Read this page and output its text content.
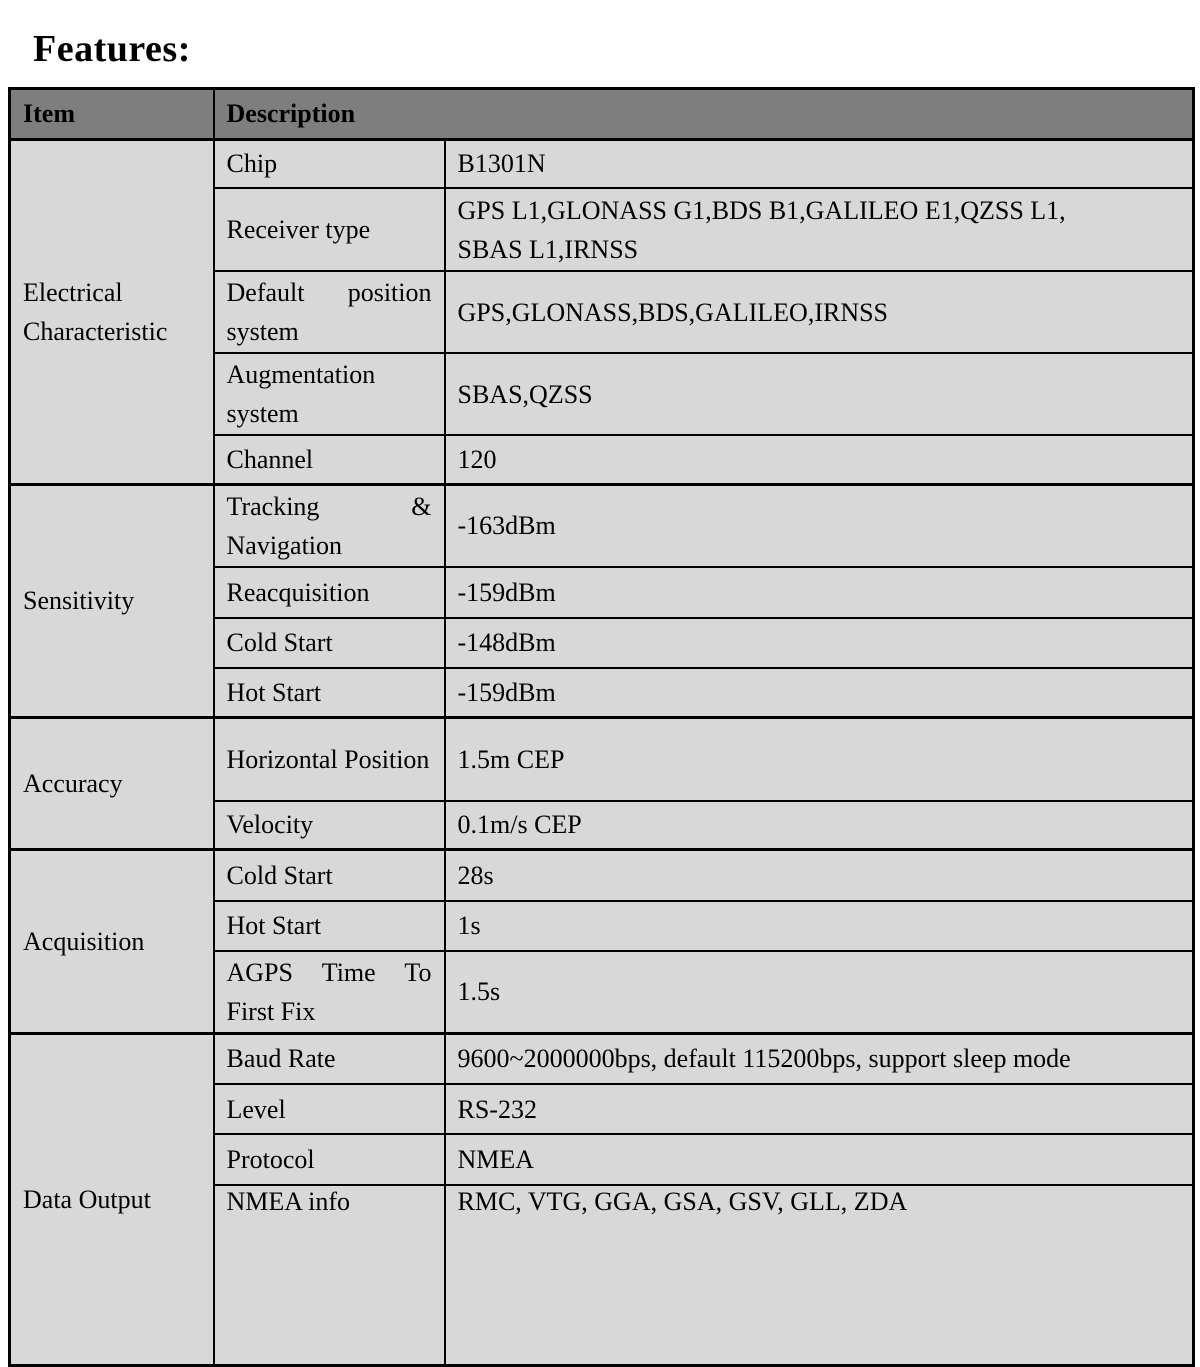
Features:
Item	Description	
Electrical Characteristic	Chip	B1301N
	Receiver type	GPS L1,GLONASS G1,BDS B1,GALILEO E1,QZSS L1, SBAS L1,IRNSS
	Default position system	GPS,GLONASS,BDS,GALILEO,IRNSS
	Augmentation system	SBAS,QZSS
	Channel	120
Sensitivity	Tracking & Navigation	-163dBm
	Reacquisition	-159dBm
	Cold Start	-148dBm
	Hot Start	-159dBm
Accuracy	Horizontal Position	1.5m CEP
	Velocity	0.1m/s CEP
Acquisition	Cold Start	28s
	Hot Start	1s
	AGPS Time To First Fix	1.5s
Data Output	Baud Rate	9600~2000000bps, default 115200bps, support sleep mode
	Level	RS-232
	Protocol	NMEA
	NMEA info	RMC, VTG, GGA, GSA, GSV, GLL, ZDA
